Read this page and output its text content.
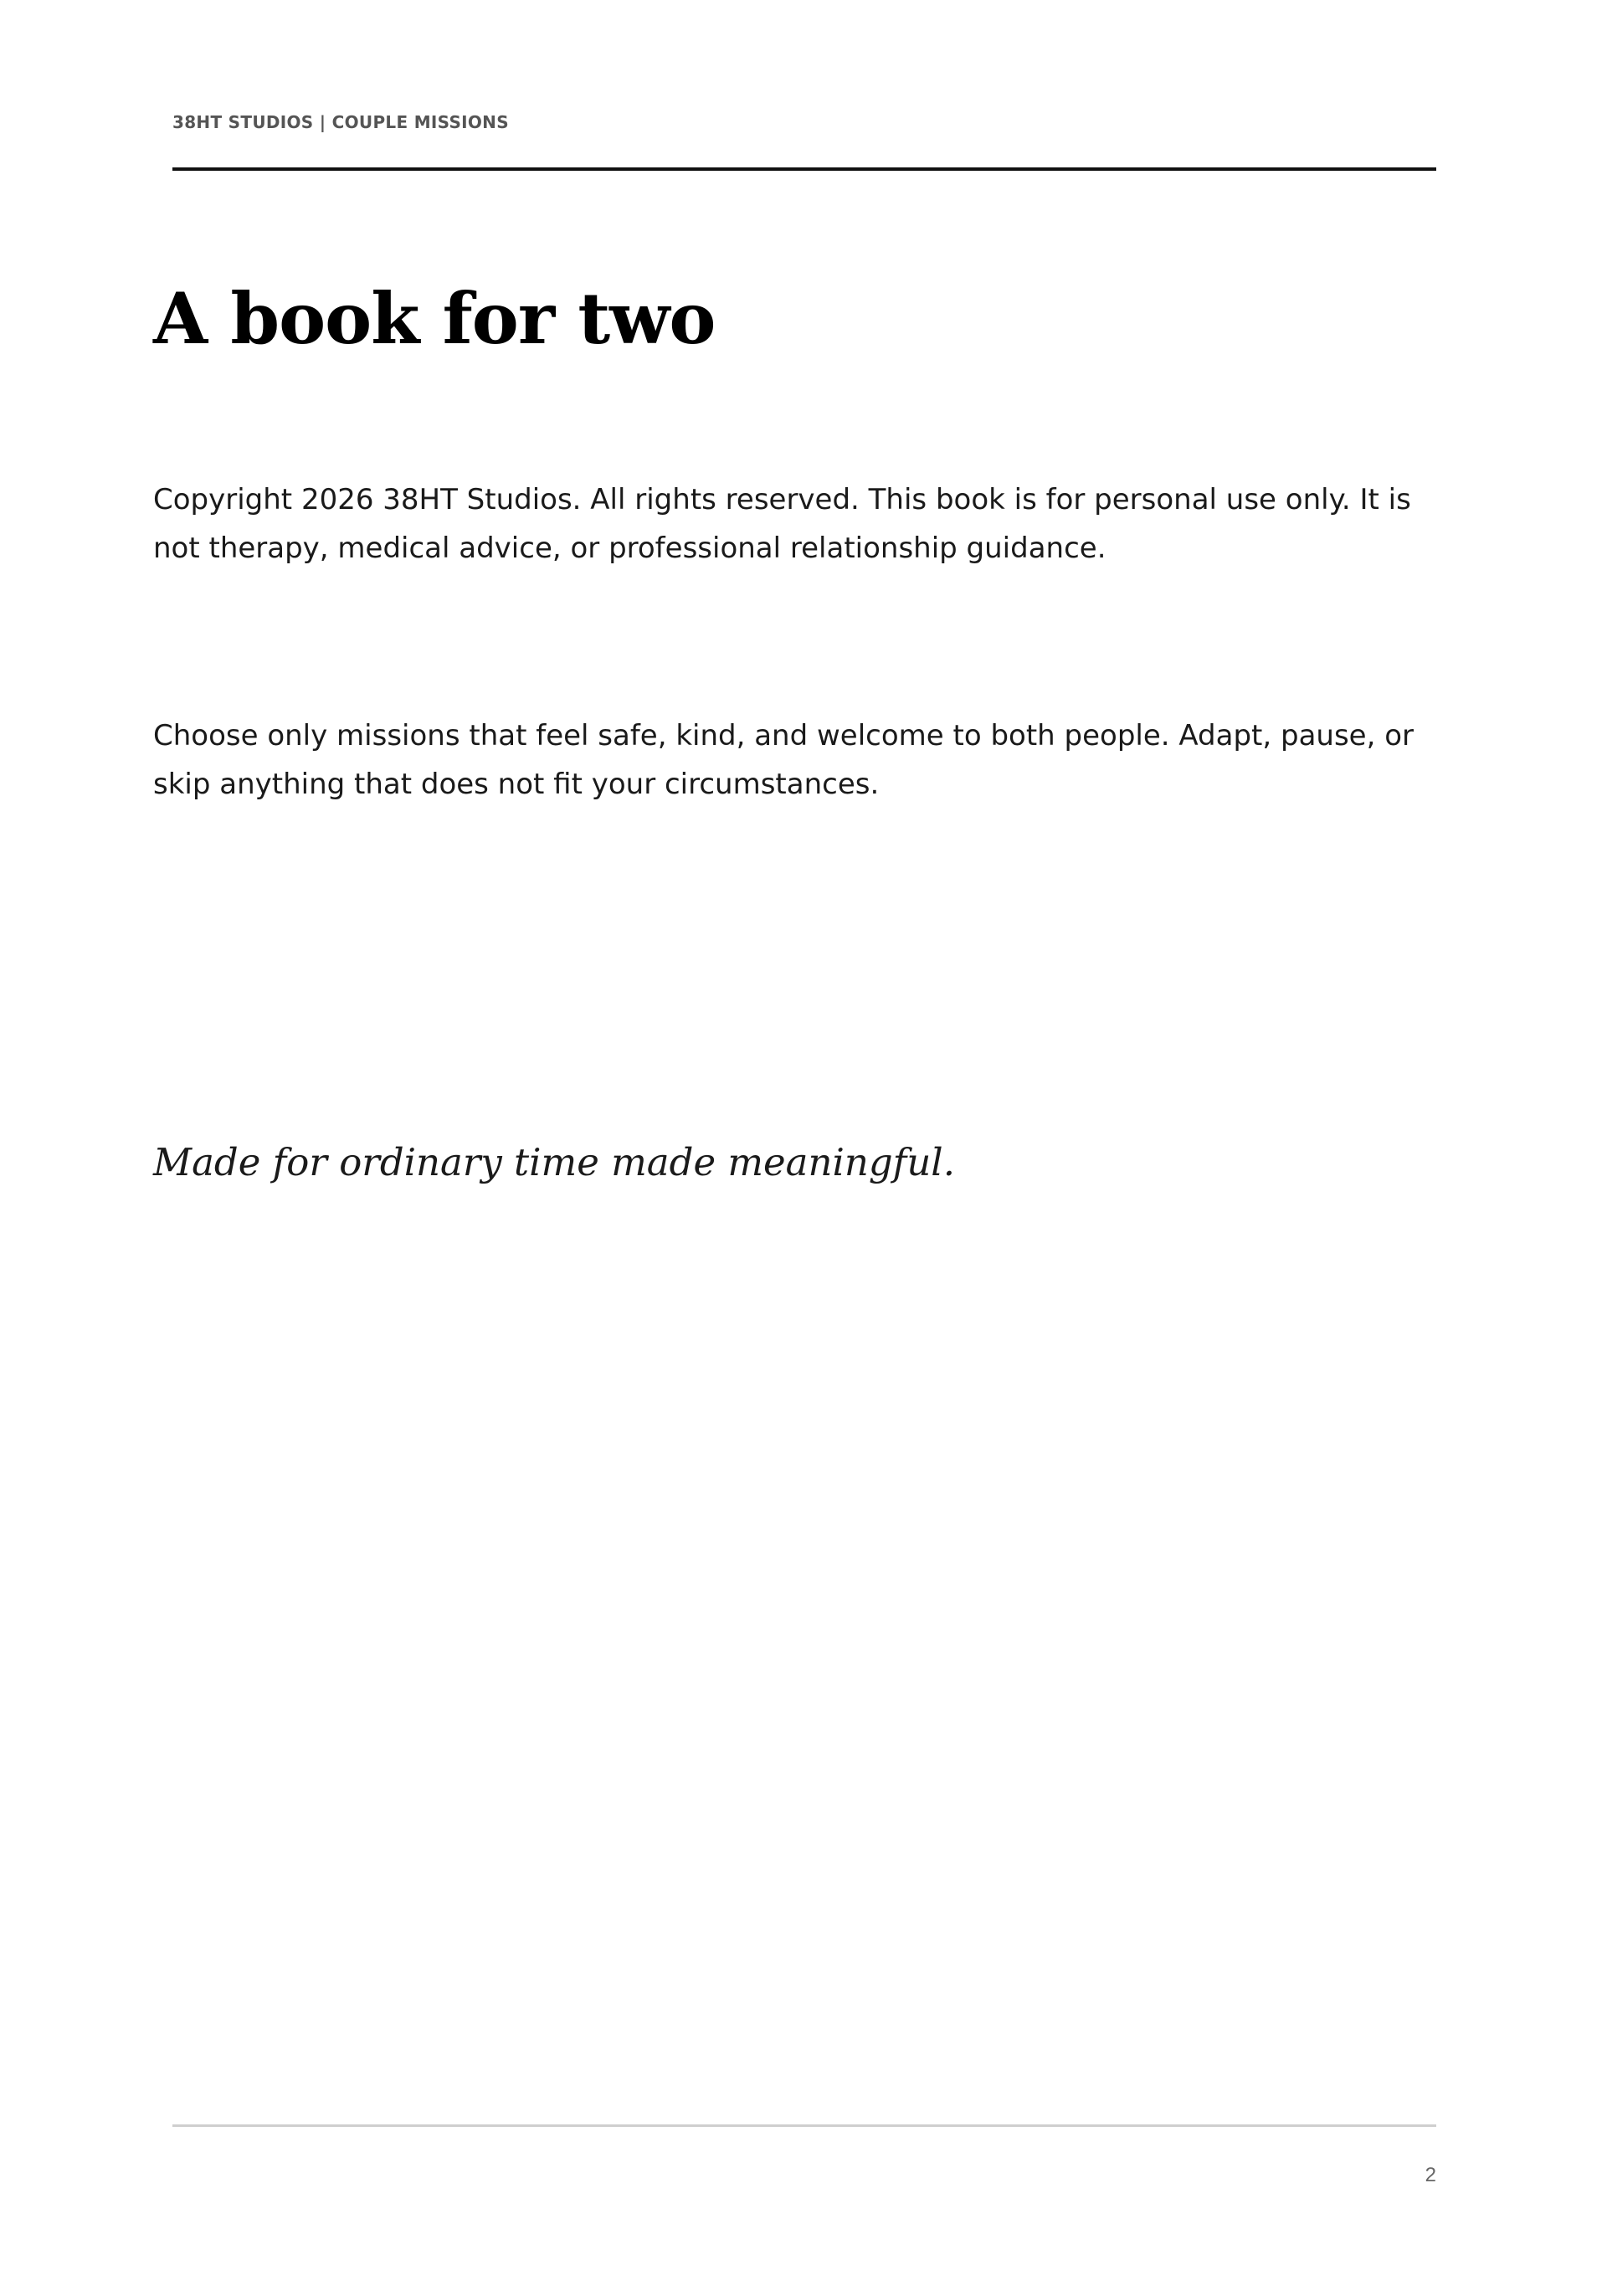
38HT STUDIOS | COUPLE MISSIONS
A book for two

Copyright 2026 38HT Studios. All rights reserved. This book is for personal use only. It is not therapy, medical advice, or professional relationship guidance.

Choose only missions that feel safe, kind, and welcome to both people. Adapt, pause, or skip anything that does not fit your circumstances.

Made for ordinary time made meaningful.

2
